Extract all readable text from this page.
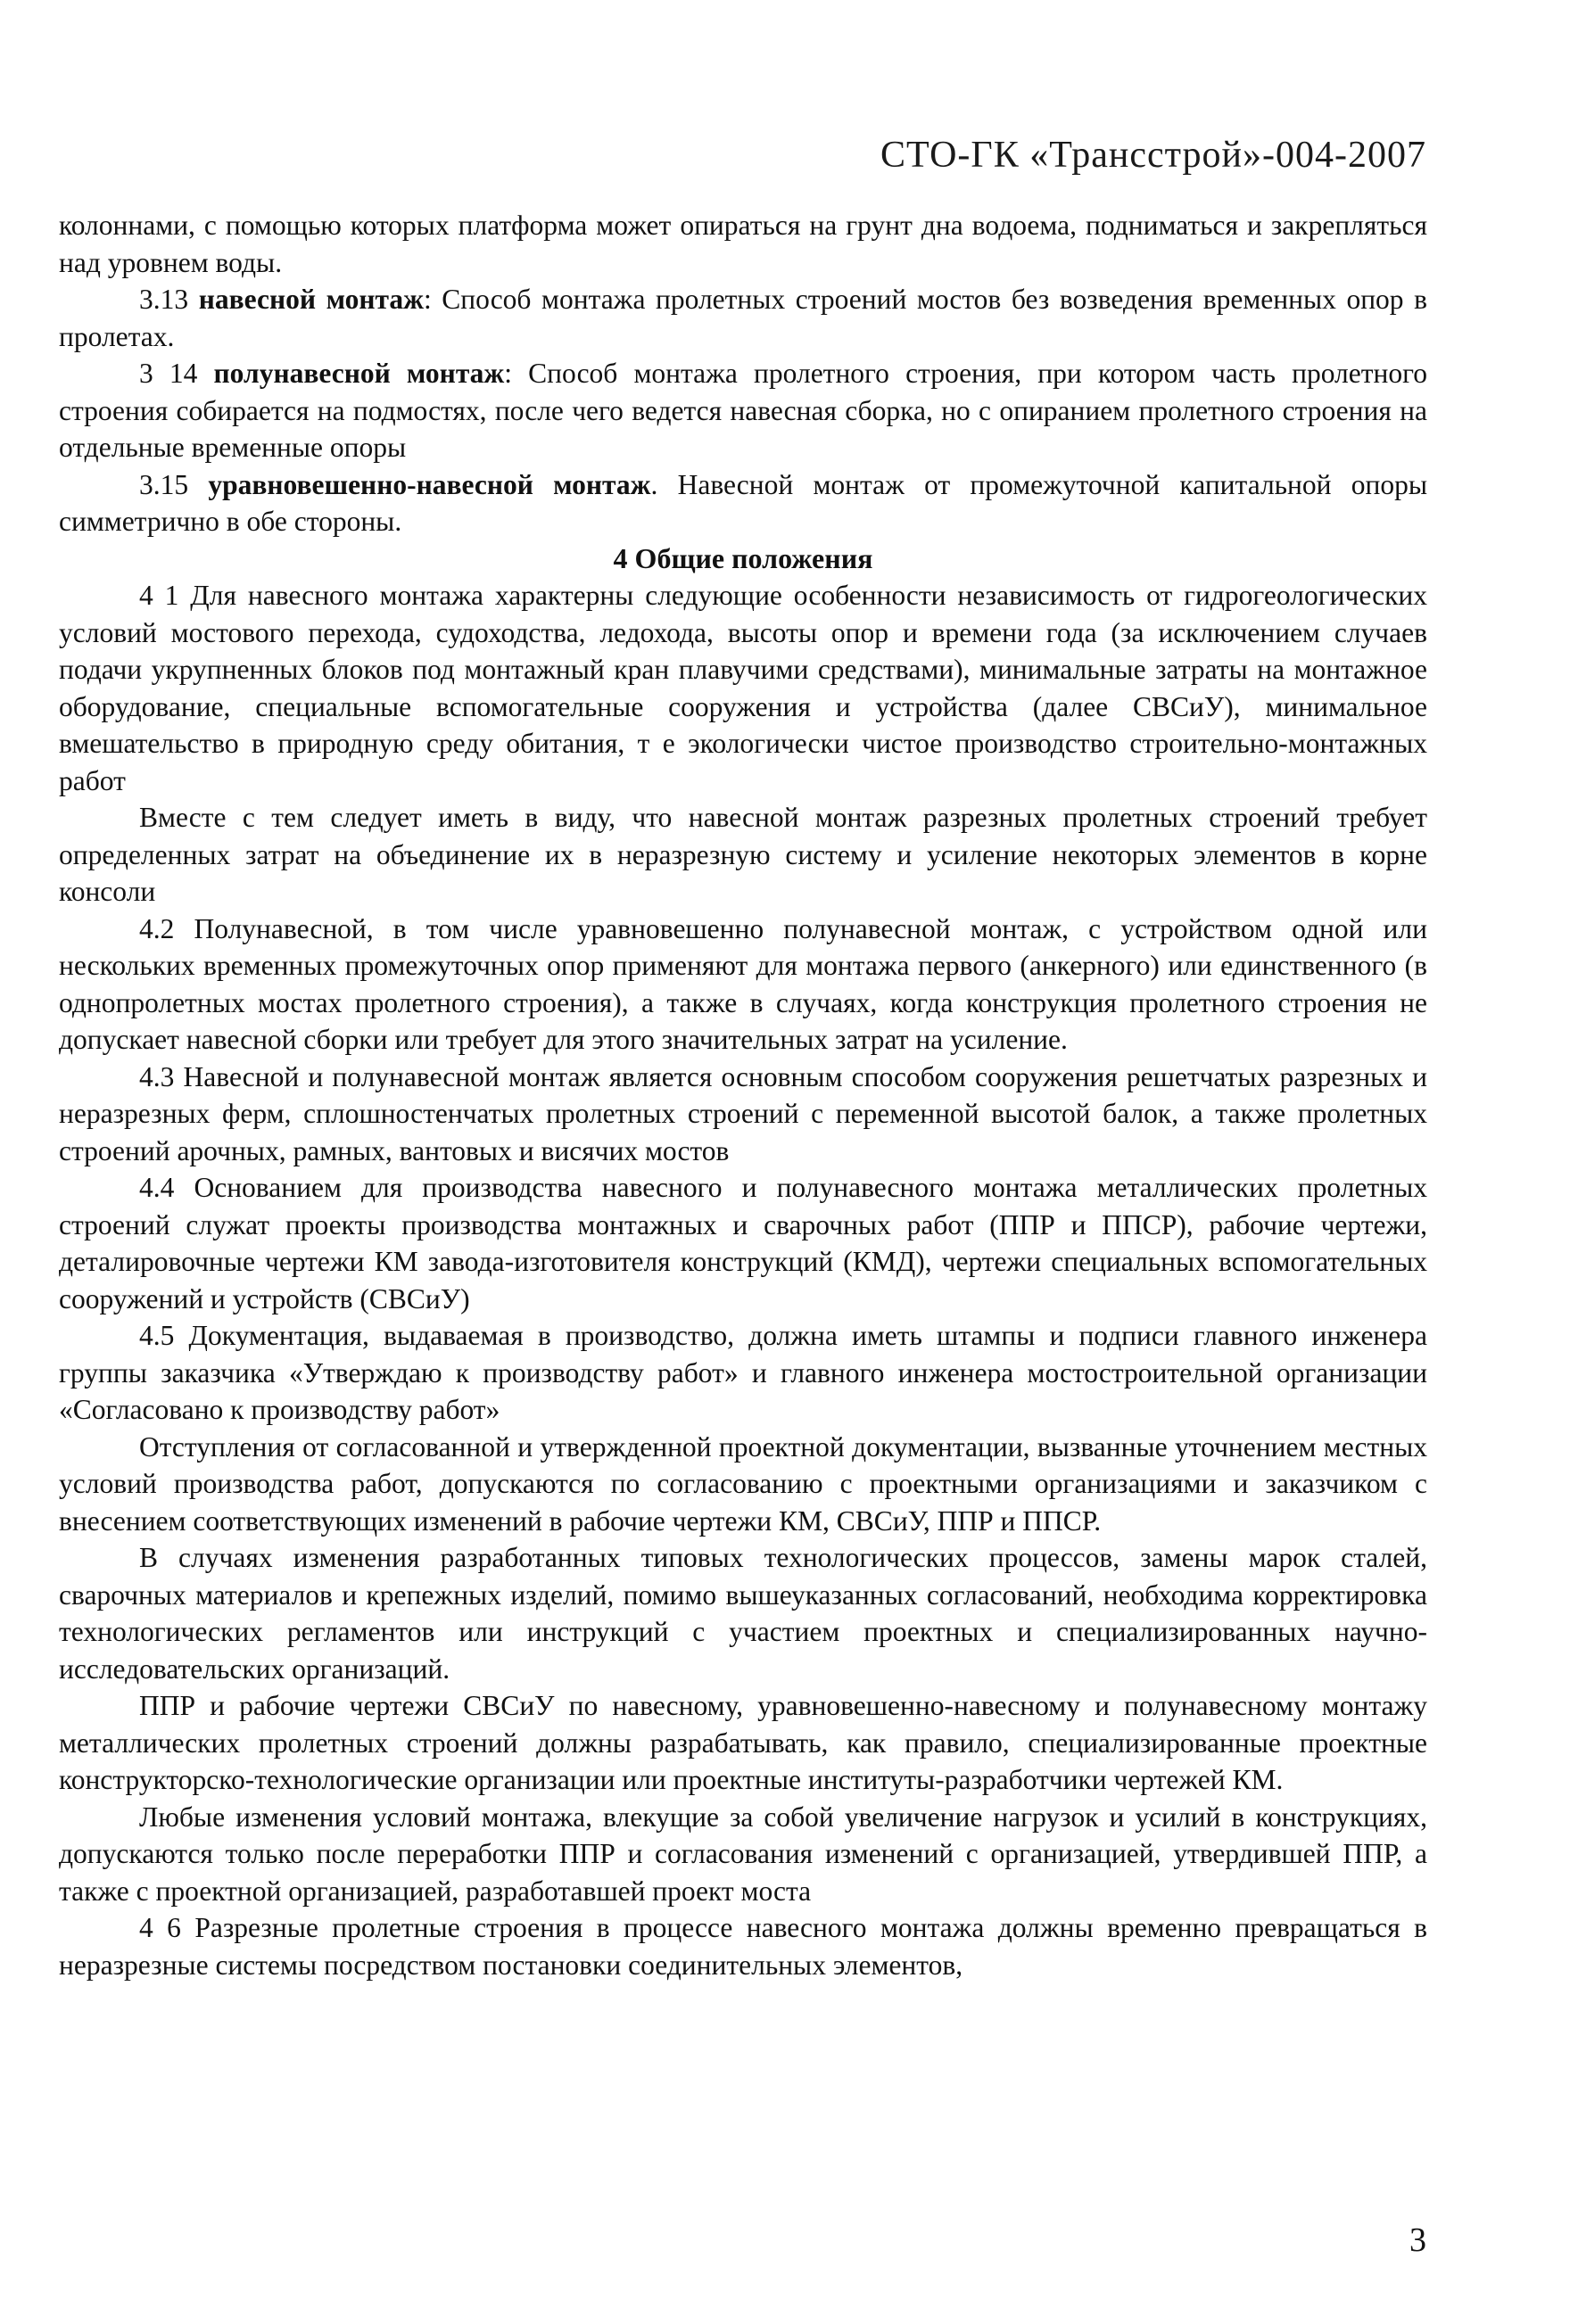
СТО-ГК «Трансстрой»-004-2007

колоннами, с помощью которых платформа может опираться на грунт дна водоема, подниматься и закрепляться над уровнем воды.

3.13 навесной монтаж: Способ монтажа пролетных строений мостов без возведения временных опор в пролетах.

3 14 полунавесной монтаж: Способ монтажа пролетного строения, при котором часть пролетного строения собирается на подмостях, после чего ведется навесная сборка, но с опиранием пролетного строения на отдельные временные опоры

3.15 уравновешенно-навесной монтаж. Навесной монтаж от промежуточной капитальной опоры симметрично в обе стороны.

4 Общие положения

4 1 Для навесного монтажа характерны следующие особенности независимость от гидрогеологических условий мостового перехода, судоходства, ледохода, высоты опор и времени года (за исключением случаев подачи укрупненных блоков под монтажный кран плавучими средствами), минимальные затраты на монтажное оборудование, специальные вспомогательные сооружения и устройства (далее СВСиУ), минимальное вмешательство в природную среду обитания, т е экологически чистое производство строительно-монтажных работ

Вместе с тем следует иметь в виду, что навесной монтаж разрезных пролетных строений требует определенных затрат на объединение их в неразрезную систему и усиление некоторых элементов в корне консоли

4.2 Полунавесной, в том числе уравновешенно полунавесной монтаж, с устройством одной или нескольких временных промежуточных опор применяют для монтажа первого (анкерного) или единственного (в однопролетных мостах пролетного строения), а также в случаях, когда конструкция пролетного строения не допускает навесной сборки или требует для этого значительных затрат на усиление.

4.3 Навесной и полунавесной монтаж является основным способом сооружения решетчатых разрезных и неразрезных ферм, сплошностенчатых пролетных строений с переменной высотой балок, а также пролетных строений арочных, рамных, вантовых и висячих мостов

4.4 Основанием для производства навесного и полунавесного монтажа металлических пролетных строений служат проекты производства монтажных и сварочных работ (ППР и ППСР), рабочие чертежи, деталировочные чертежи КМ завода-изготовителя конструкций (КМД), чертежи специальных вспомогательных сооружений и устройств (СВСиУ)

4.5 Документация, выдаваемая в производство, должна иметь штампы и подписи главного инженера группы заказчика «Утверждаю к производству работ» и главного инженера мостостроительной организации «Согласовано к производству работ»

Отступления от согласованной и утвержденной проектной документации, вызванные уточнением местных условий производства работ, допускаются по согласованию с проектными организациями и заказчиком с внесением соответствующих изменений в рабочие чертежи КМ, СВСиУ, ППР и ППСР.

В случаях изменения разработанных типовых технологических процессов, замены марок сталей, сварочных материалов и крепежных изделий, помимо вышеуказанных согласований, необходима корректировка технологических регламентов или инструкций с участием проектных и специализированных научно-исследовательских организаций.

ППР и рабочие чертежи СВСиУ по навесному, уравновешенно-навесному и полунавесному монтажу металлических пролетных строений должны разрабатывать, как правило, специализированные проектные конструкторско-технологические организации или проектные институты-разработчики чертежей КМ.

Любые изменения условий монтажа, влекущие за собой увеличение нагрузок и усилий в конструкциях, допускаются только после переработки ППР и согласования изменений с организацией, утвердившей ППР, а также с проектной организацией, разработавшей проект моста

4 6 Разрезные пролетные строения в процессе навесного монтажа должны временно превращаться в неразрезные системы посредством постановки соединительных элементов,

3
